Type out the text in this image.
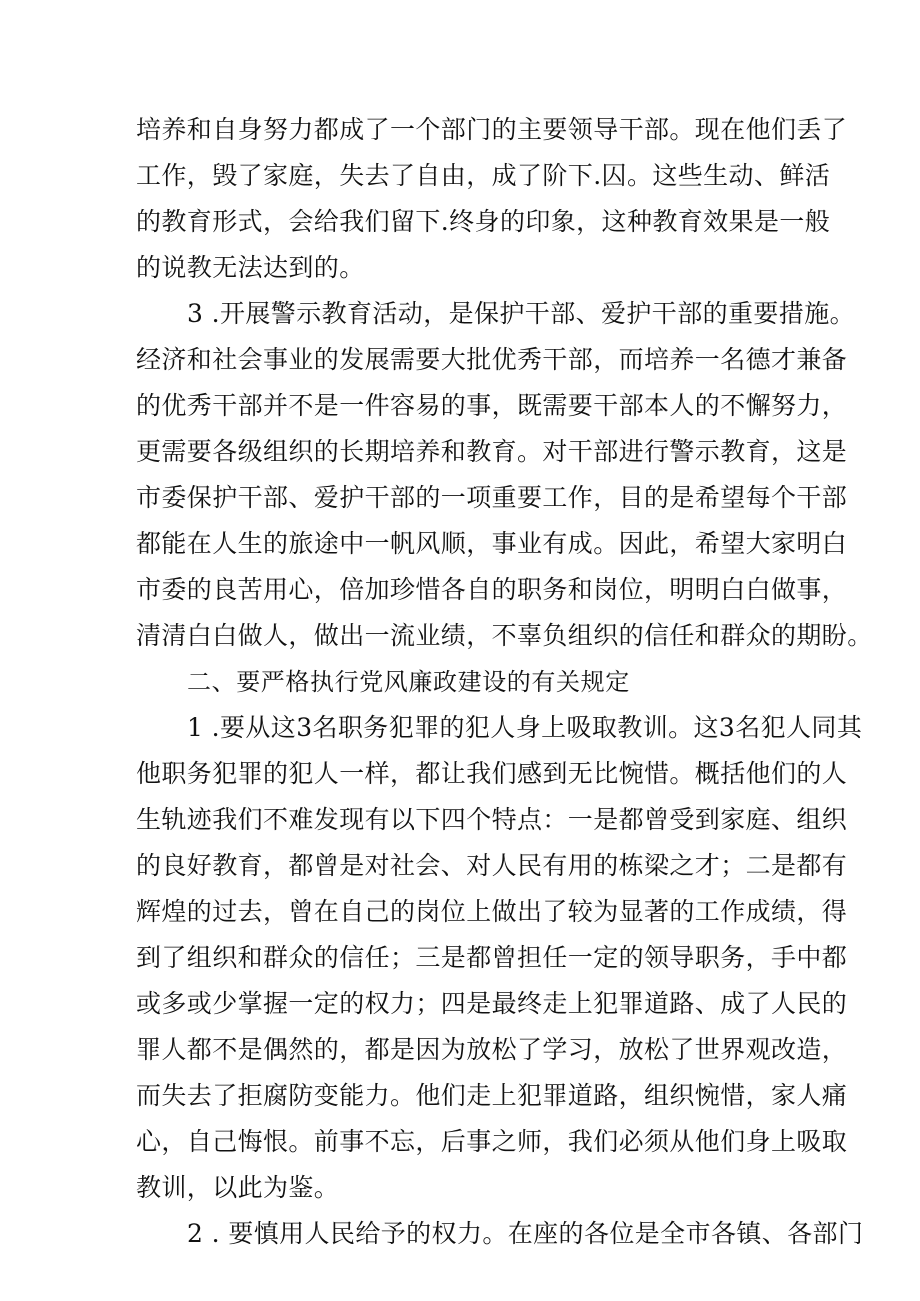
培养和自身努力都成了一个部门的主要领导干部。现在他们丢了
工作，毁了家庭，失去了自由，成了阶下.囚。这些生动、鲜活
的教育形式，会给我们留下.终身的印象，这种教育效果是一般
的说教无法达到的。
3 .开展警示教育活动，是保护干部、爱护干部的重要措施。
经济和社会事业的发展需要大批优秀干部，而培养一名德才兼备
的优秀干部并不是一件容易的事，既需要干部本人的不懈努力，
更需要各级组织的长期培养和教育。对干部进行警示教育，这是
市委保护干部、爱护干部的一项重要工作，目的是希望每个干部
都能在人生的旅途中一帆风顺，事业有成。因此，希望大家明白
市委的良苦用心，倍加珍惜各自的职务和岗位，明明白白做事，
清清白白做人，做出一流业绩，不辜负组织的信任和群众的期盼。
二、要严格执行党风廉政建设的有关规定
1 .要从这3名职务犯罪的犯人身上吸取教训。这3名犯人同其
他职务犯罪的犯人一样，都让我们感到无比惋惜。概括他们的人
生轨迹我们不难发现有以下四个特点：一是都曾受到家庭、组织
的良好教育，都曾是对社会、对人民有用的栋梁之才；二是都有
辉煌的过去，曾在自己的岗位上做出了较为显著的工作成绩，得
到了组织和群众的信任；三是都曾担任一定的领导职务，手中都
或多或少掌握一定的权力；四是最终走上犯罪道路、成了人民的
罪人都不是偶然的，都是因为放松了学习，放松了世界观改造，
而失去了拒腐防变能力。他们走上犯罪道路，组织惋惜，家人痛
心，自己悔恨。前事不忘，后事之师，我们必须从他们身上吸取
教训，以此为鉴。
2 . 要慎用人民给予的权力。在座的各位是全市各镇、各部门
